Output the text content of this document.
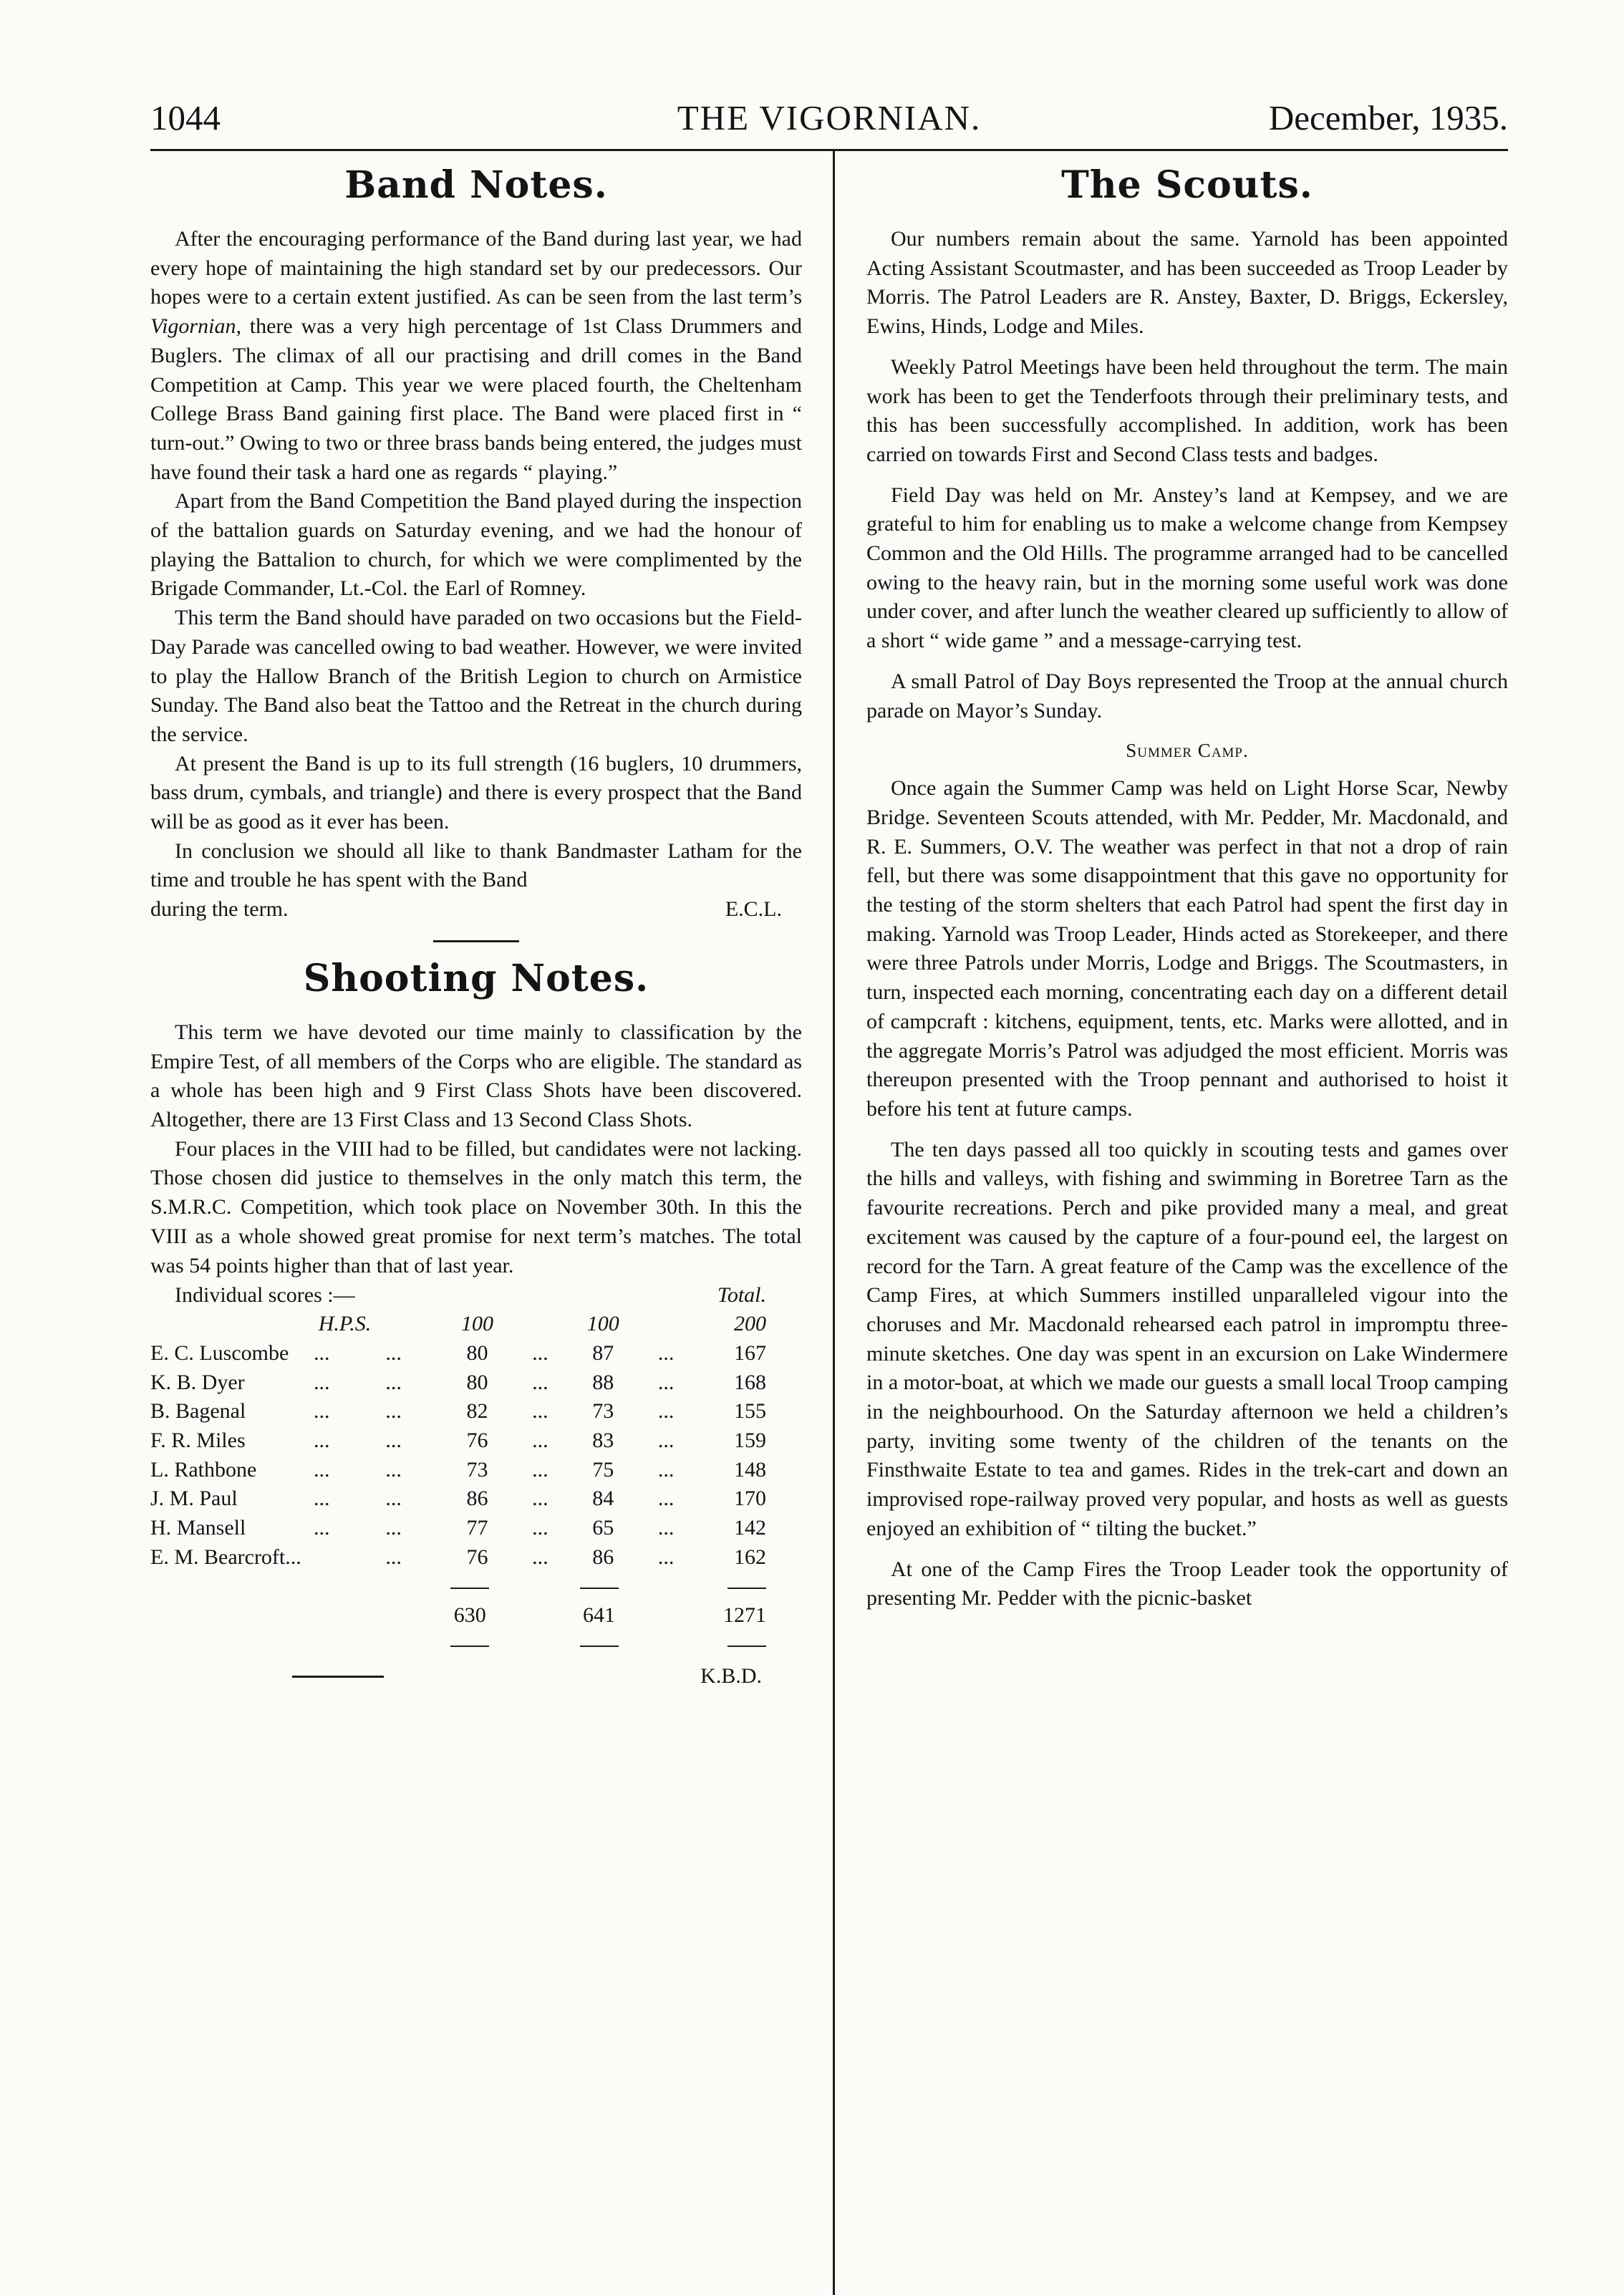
1044	THE VIGORNIAN.	December, 1935.
Band Notes.

After the encouraging performance of the Band during last year, we had every hope of maintaining the high standard set by our predecessors. Our hopes were to a certain extent justified. As can be seen from the last term’s Vigornian, there was a very high percentage of 1st Class Drummers and Buglers. The climax of all our practising and drill comes in the Band Competition at Camp. This year we were placed fourth, the Cheltenham College Brass Band gaining first place. The Band were placed first in “ turn-out.” Owing to two or three brass bands being entered, the judges must have found their task a hard one as regards “ playing.”

Apart from the Band Competition the Band played during the inspection of the battalion guards on Saturday evening, and we had the honour of playing the Battalion to church, for which we were complimented by the Brigade Commander, Lt.-Col. the Earl of Romney.

This term the Band should have paraded on two occasions but the Field-Day Parade was cancelled owing to bad weather. However, we were invited to play the Hallow Branch of the British Legion to church on Armistice Sunday. The Band also beat the Tattoo and the Retreat in the church during the service.

At present the Band is up to its full strength (16 buglers, 10 drummers, bass drum, cymbals, and triangle) and there is every prospect that the Band will be as good as it ever has been.

In conclusion we should all like to thank Bandmaster Latham for the time and trouble he has spent with the Band

during the term.	E.C.L.
Shooting Notes.

This term we have devoted our time mainly to classification by the Empire Test, of all members of the Corps who are eligible. The standard as a whole has been high and 9 First Class Shots have been discovered. Altogether, there are 13 First Class and 13 Second Class Shots.

Four places in the VIII had to be filled, but candidates were not lacking. Those chosen did justice to themselves in the only match this term, the S.M.R.C. Competition, which took place on November 30th. In this the VIII as a whole showed great promise for next term’s matches. The total was 54 points higher than that of last year.

Individual scores :—						Total.
H.P.S.		100		100		200
E. C. Luscombe ...	...	80	...	87	...	167
K. B. Dyer ...	...	80	...	88	...	168
B. Bagenal ...	...	82	...	73	...	155
F. R. Miles ...	...	76	...	83	...	159
L. Rathbone ...	...	73	...	75	...	148
J. M. Paul ...	...	86	...	84	...	170
H. Mansell ...	...	77	...	65	...	142
E. M. Bearcroft...	...	76	...	86	...	162

		630		641		1271

K.B.D.
The Scouts.

Our numbers remain about the same. Yarnold has been appointed Acting Assistant Scoutmaster, and has been succeeded as Troop Leader by Morris. The Patrol Leaders are R. Anstey, Baxter, D. Briggs, Eckersley, Ewins, Hinds, Lodge and Miles.

Weekly Patrol Meetings have been held throughout the term. The main work has been to get the Tenderfoots through their preliminary tests, and this has been successfully accomplished. In addition, work has been carried on towards First and Second Class tests and badges.

Field Day was held on Mr. Anstey’s land at Kempsey, and we are grateful to him for enabling us to make a welcome change from Kempsey Common and the Old Hills. The programme arranged had to be cancelled owing to the heavy rain, but in the morning some useful work was done under cover, and after lunch the weather cleared up sufficiently to allow of a short “ wide game ” and a message-carrying test.

A small Patrol of Day Boys represented the Troop at the annual church parade on Mayor’s Sunday.

Summer Camp.

Once again the Summer Camp was held on Light Horse Scar, Newby Bridge. Seventeen Scouts attended, with Mr. Pedder, Mr. Macdonald, and R. E. Summers, O.V. The weather was perfect in that not a drop of rain fell, but there was some disappointment that this gave no opportunity for the testing of the storm shelters that each Patrol had spent the first day in making. Yarnold was Troop Leader, Hinds acted as Storekeeper, and there were three Patrols under Morris, Lodge and Briggs. The Scoutmasters, in turn, inspected each morning, concentrating each day on a different detail of campcraft : kitchens, equipment, tents, etc. Marks were allotted, and in the aggregate Morris’s Patrol was adjudged the most efficient. Morris was thereupon presented with the Troop pennant and authorised to hoist it before his tent at future camps.

The ten days passed all too quickly in scouting tests and games over the hills and valleys, with fishing and swimming in Boretree Tarn as the favourite recreations. Perch and pike provided many a meal, and great excitement was caused by the capture of a four-pound eel, the largest on record for the Tarn. A great feature of the Camp was the excellence of the Camp Fires, at which Summers instilled unparalleled vigour into the choruses and Mr. Macdonald rehearsed each patrol in impromptu three-minute sketches. One day was spent in an excursion on Lake Windermere in a motor-boat, at which we made our guests a small local Troop camping in the neighbourhood. On the Saturday afternoon we held a children’s party, inviting some twenty of the children of the tenants on the Finsthwaite Estate to tea and games. Rides in the trek-cart and down an improvised rope-railway proved very popular, and hosts as well as guests enjoyed an exhibition of “ tilting the bucket.”

At one of the Camp Fires the Troop Leader took the opportunity of presenting Mr. Pedder with the picnic-basket
